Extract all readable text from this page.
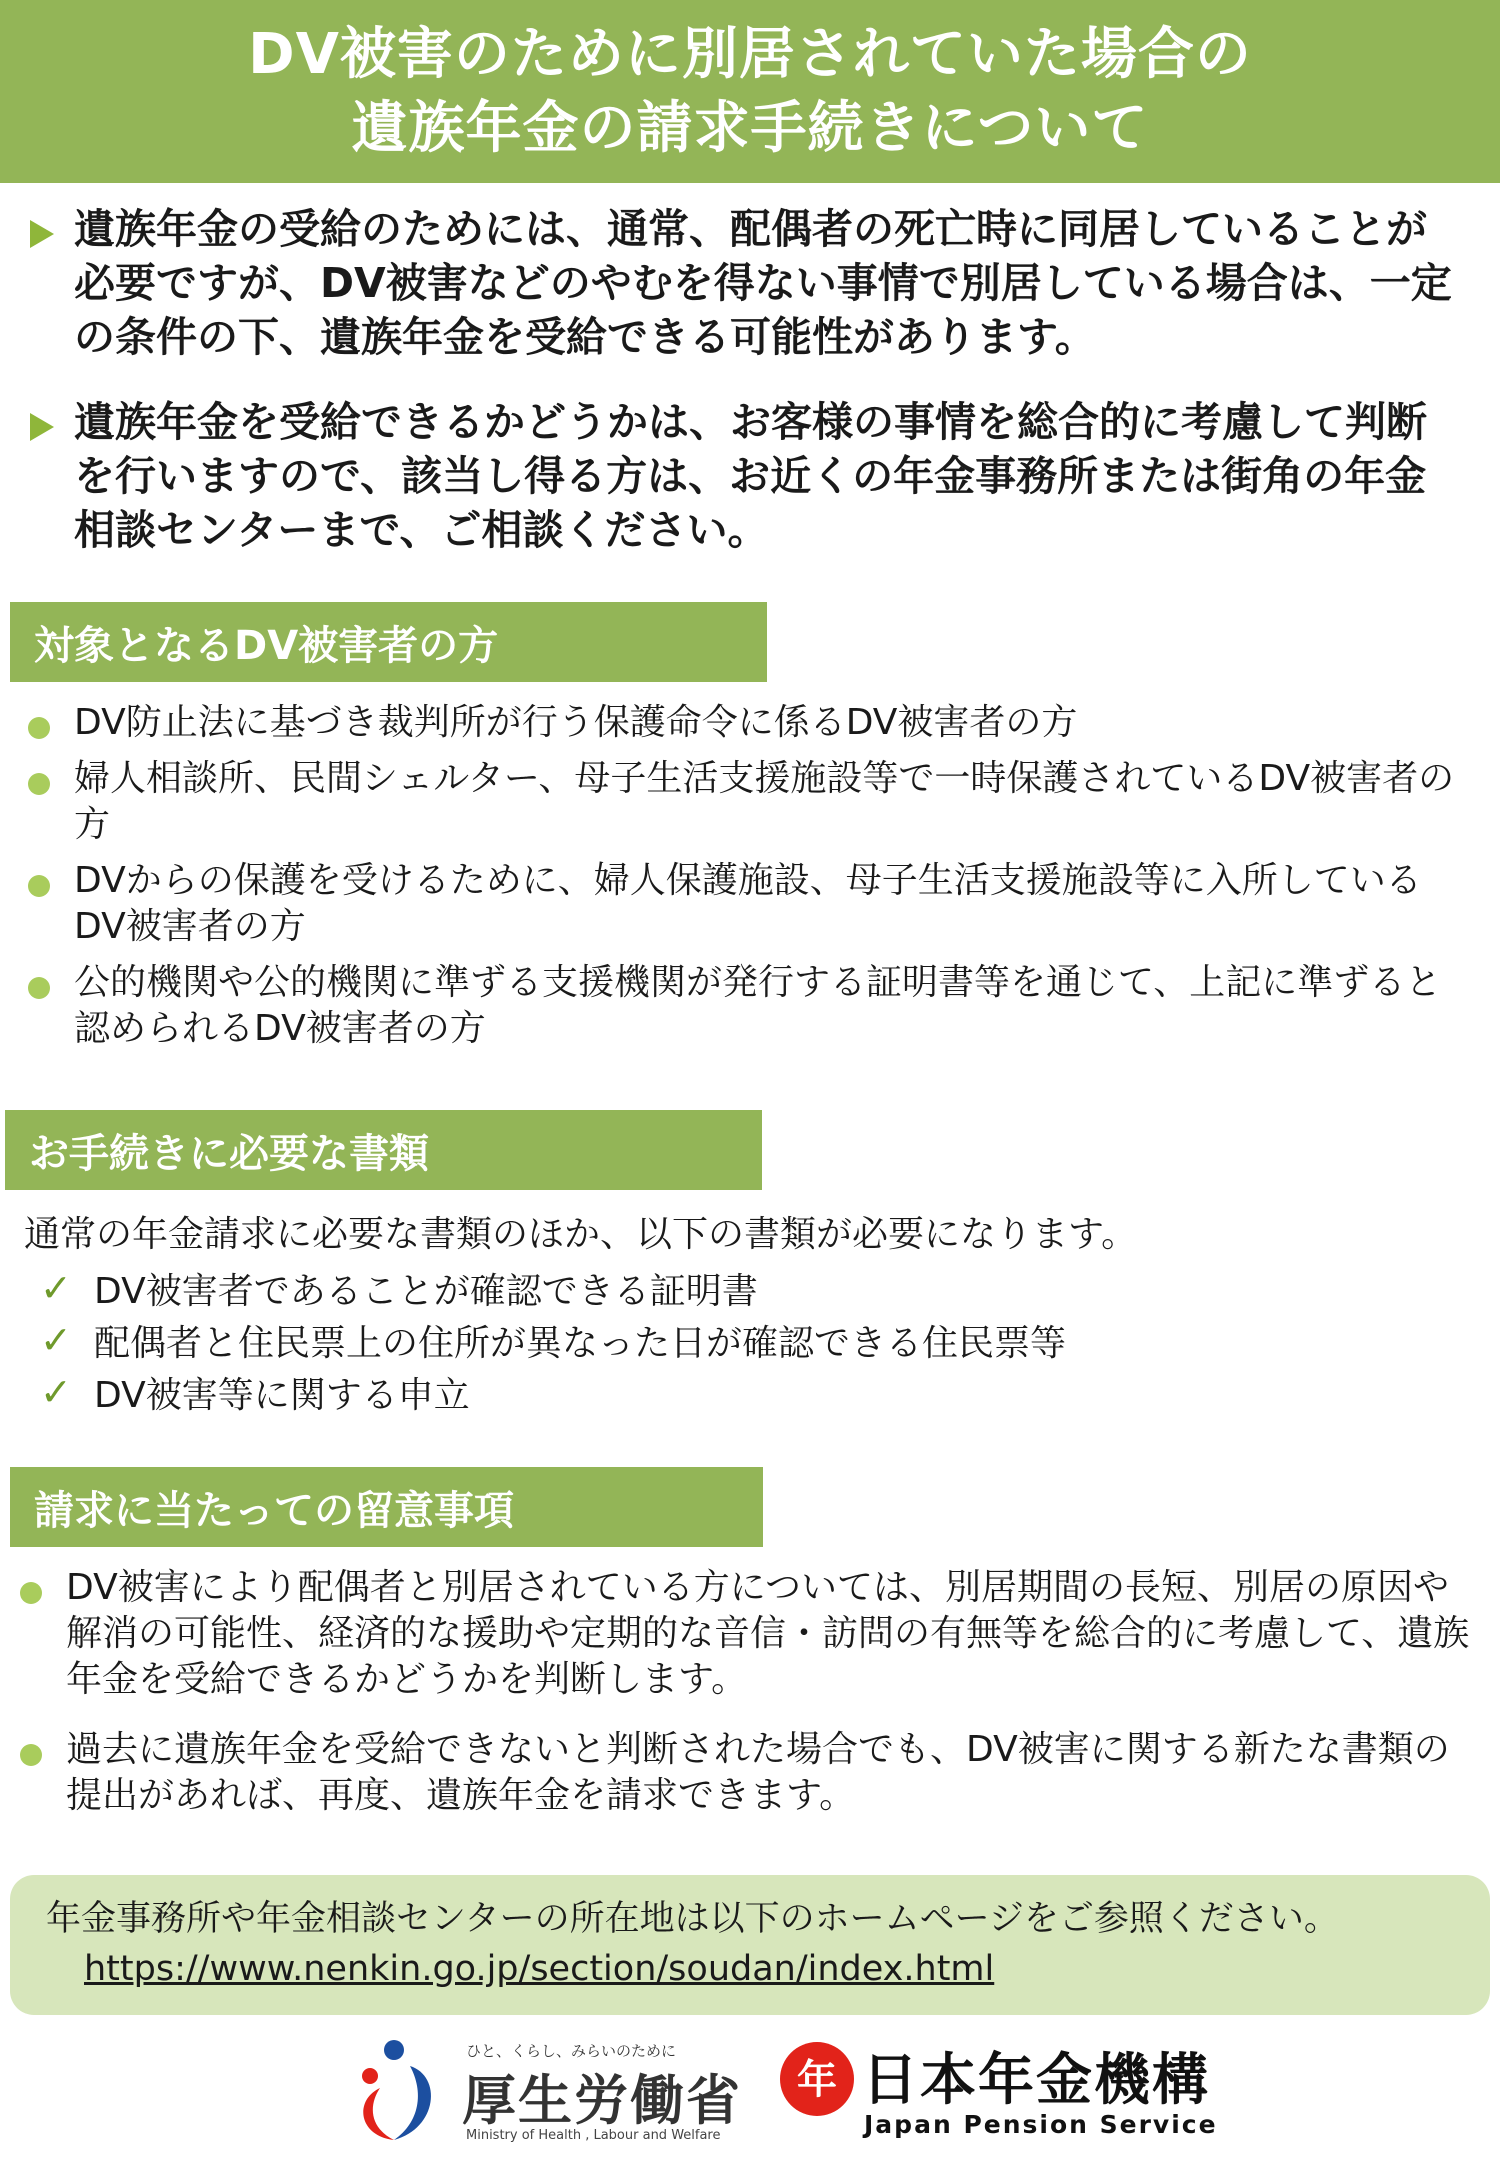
DV被害のために別居されていた場合の
遺族年金の請求手続きについて
遺族年金の受給のためには、通常、配偶者の死亡時に同居していることが必要ですが、DV被害などのやむを得ない事情で別居している場合は、一定の条件の下、遺族年金を受給できる可能性があります。
遺族年金を受給できるかどうかは、お客様の事情を総合的に考慮して判断を行いますので、該当し得る方は、お近くの年金事務所または街角の年金相談センターまで、ご相談ください。
対象となるDV被害者の方
DV防止法に基づき裁判所が行う保護命令に係るDV被害者の方
婦人相談所、民間シェルター、母子生活支援施設等で一時保護されているDV被害者の方
DVからの保護を受けるために、婦人保護施設、母子生活支援施設等に入所しているDV被害者の方
公的機関や公的機関に準ずる支援機関が発行する証明書等を通じて、上記に準ずると認められるDV被害者の方
お手続きに必要な書類
通常の年金請求に必要な書類のほか、以下の書類が必要になります。
✓ DV被害者であることが確認できる証明書
✓ 配偶者と住民票上の住所が異なった日が確認できる住民票等
✓ DV被害等に関する申立
請求に当たっての留意事項
DV被害により配偶者と別居されている方については、別居期間の長短、別居の原因や解消の可能性、経済的な援助や定期的な音信・訪問の有無等を総合的に考慮して、遺族年金を受給できるかどうかを判断します。
過去に遺族年金を受給できないと判断された場合でも、DV被害に関する新たな書類の提出があれば、再度、遺族年金を請求できます。
年金事務所や年金相談センターの所在地は以下のホームページをご参照ください。
https://www.nenkin.go.jp/section/soudan/index.html
ひと、くらし、みらいのために
厚生労働省
Ministry of Health , Labour and Welfare
年 日本年金機構
Japan Pension Service
